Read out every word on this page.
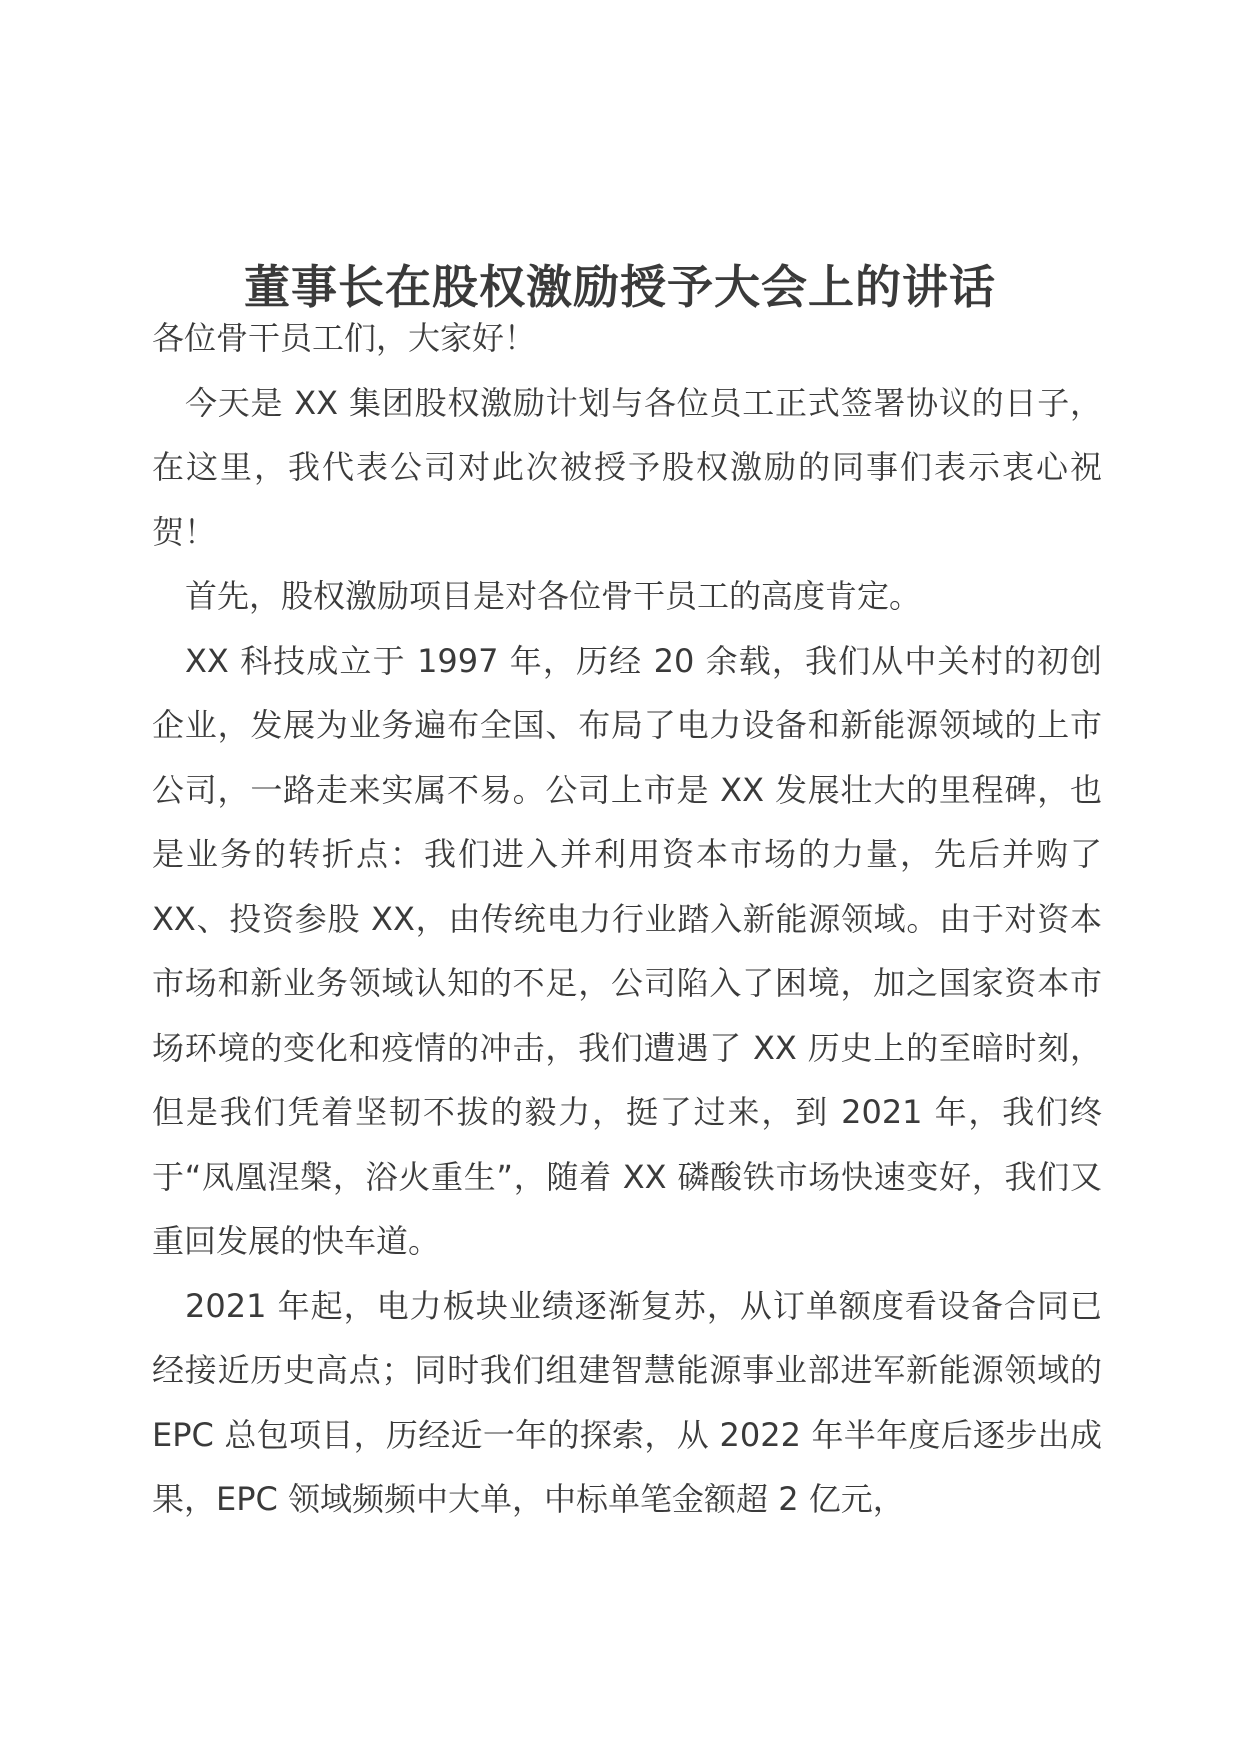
董事长在股权激励授予大会上的讲话

各位骨干员工们，大家好！

今天是 XX 集团股权激励计划与各位员工正式签署协议的日子，在这里，我代表公司对此次被授予股权激励的同事们表示衷心祝贺！

首先，股权激励项目是对各位骨干员工的高度肯定。

XX 科技成立于 1997 年，历经 20 余载，我们从中关村的初创企业，发展为业务遍布全国、布局了电力设备和新能源领域的上市公司，一路走来实属不易。公司上市是 XX 发展壮大的里程碑，也是业务的转折点：我们进入并利用资本市场的力量，先后并购了 XX、投资参股 XX，由传统电力行业踏入新能源领域。由于对资本市场和新业务领域认知的不足，公司陷入了困境，加之国家资本市场环境的变化和疫情的冲击，我们遭遇了 XX 历史上的至暗时刻，但是我们凭着坚韧不拔的毅力，挺了过来，到 2021 年，我们终于“凤凰涅槃，浴火重生”，随着 XX 磷酸铁市场快速变好，我们又重回发展的快车道。

2021 年起，电力板块业绩逐渐复苏，从订单额度看设备合同已经接近历史高点；同时我们组建智慧能源事业部进军新能源领域的 EPC 总包项目，历经近一年的探索，从 2022 年半年度后逐步出成果，EPC 领域频频中大单，中标单笔金额超 2 亿元，
